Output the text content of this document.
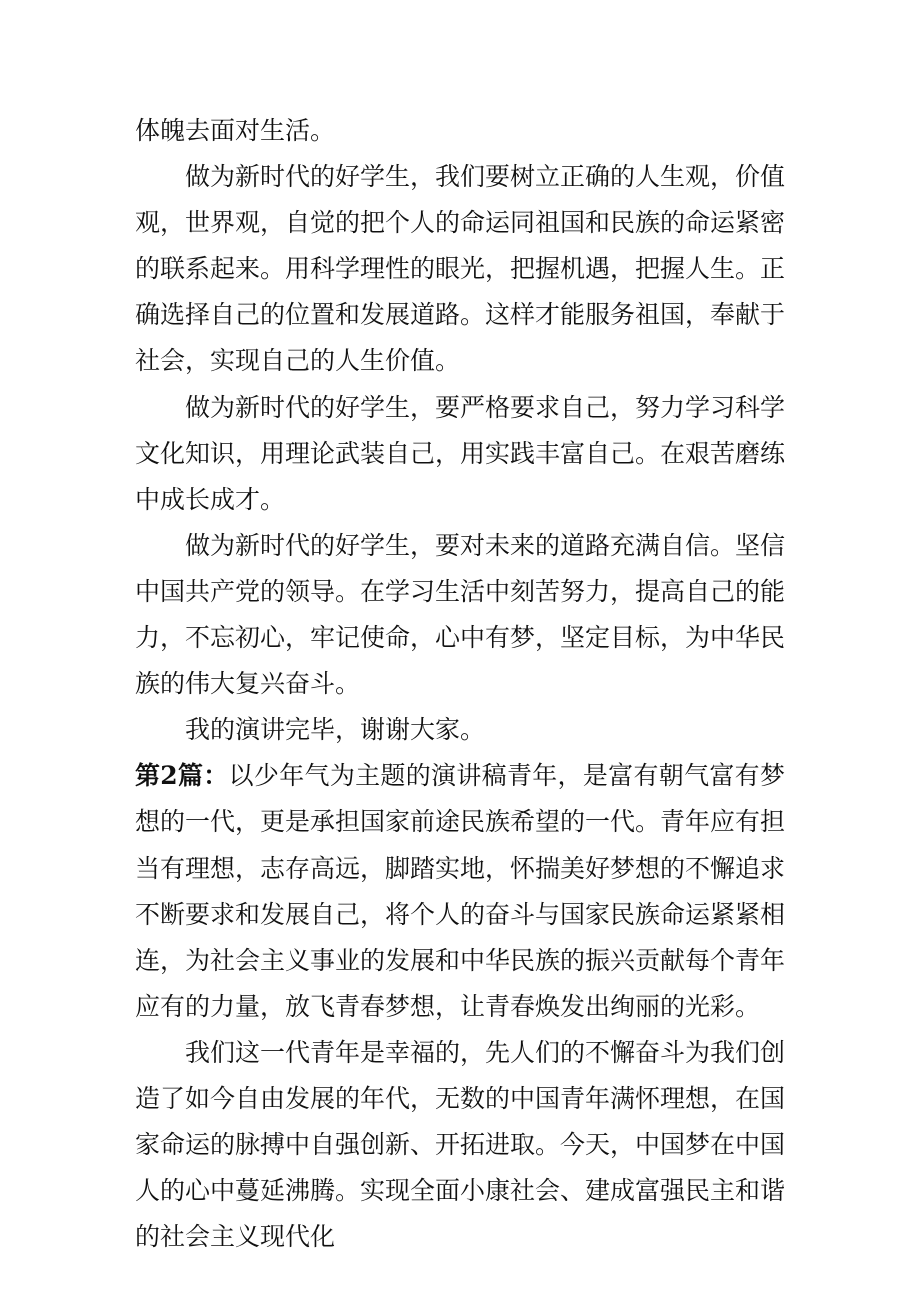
体魄去面对生活。

做为新时代的好学生，我们要树立正确的人生观，价值观，世界观，自觉的把个人的命运同祖国和民族的命运紧密的联系起来。用科学理性的眼光，把握机遇，把握人生。正确选择自己的位置和发展道路。这样才能服务祖国，奉献于社会，实现自己的人生价值。

做为新时代的好学生，要严格要求自己，努力学习科学文化知识，用理论武装自己，用实践丰富自己。在艰苦磨练中成长成才。

做为新时代的好学生，要对未来的道路充满自信。坚信中国共产党的领导。在学习生活中刻苦努力，提高自己的能力，不忘初心，牢记使命，心中有梦，坚定目标，为中华民族的伟大复兴奋斗。

我的演讲完毕，谢谢大家。

第2篇：以少年气为主题的演讲稿青年，是富有朝气富有梦想的一代，更是承担国家前途民族希望的一代。青年应有担当有理想，志存高远，脚踏实地，怀揣美好梦想的不懈追求不断要求和发展自己，将个人的奋斗与国家民族命运紧紧相连，为社会主义事业的发展和中华民族的振兴贡献每个青年应有的力量，放飞青春梦想，让青春焕发出绚丽的光彩。

我们这一代青年是幸福的，先人们的不懈奋斗为我们创造了如今自由发展的年代，无数的中国青年满怀理想，在国家命运的脉搏中自强创新、开拓进取。今天，中国梦在中国人的心中蔓延沸腾。实现全面小康社会、建成富强民主和谐的社会主义现代化
